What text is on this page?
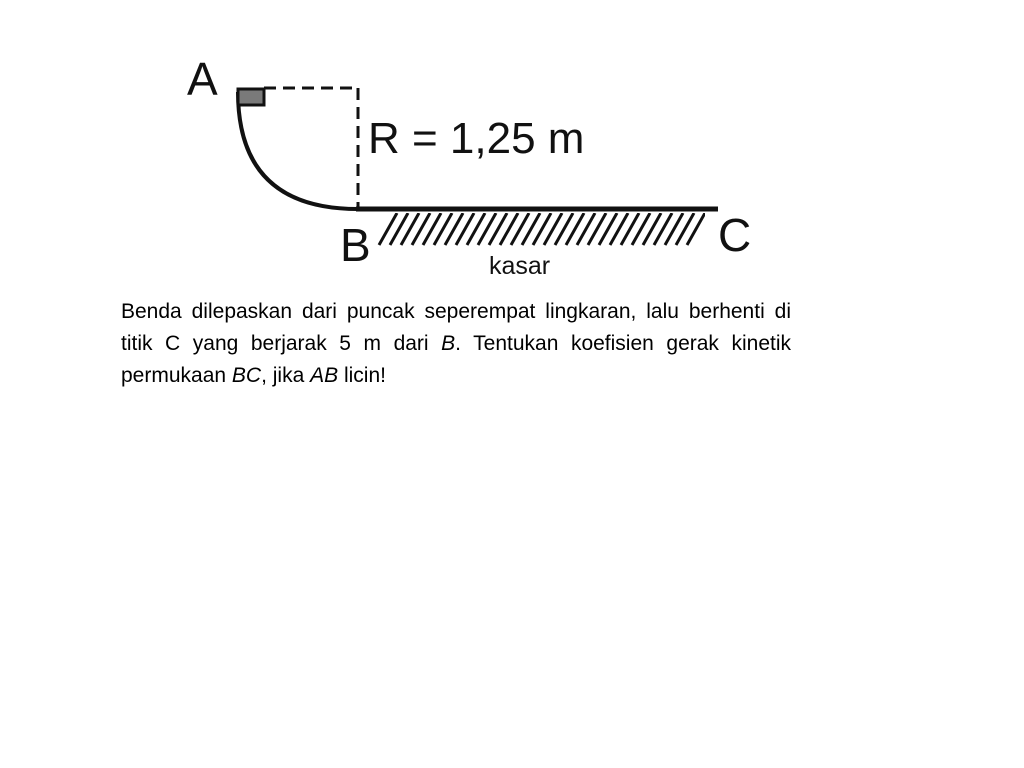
A
R = 1,25 m
B	C
kasar

Benda dilepaskan dari puncak seperempat lingkaran, lalu berhenti di titik C yang berjarak 5 m dari B. Tentukan koefisien gerak kinetik permukaan BC, jika AB licin!
